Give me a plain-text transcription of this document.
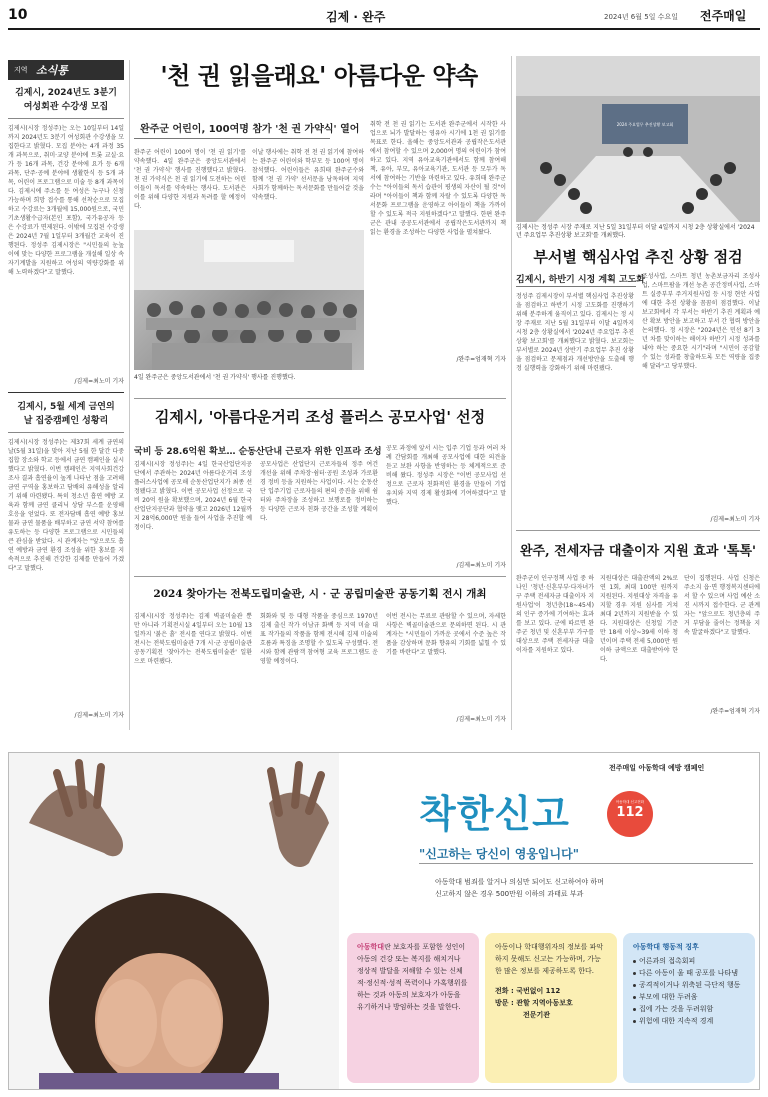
10	김제 · 완주	2024년 6월 5일 수요일 전주매일
지역 소식통
김제시, 2024년도 3분기
여성회관 수강생 모집
김제시(시장 정성주)는 오는 10일부터 14일까지 2024년도 3분기 여성회관 수강생을 모집한다고 밝혔다. 모집 분야는 4개 과정 35개 과목으로, 취미·교양 분야에 트롯 교실·요가 등 16개 과목, 건강 분야에 요가 등 6개 과목, 단주·공예 분야에 생활한식 등 5개 과목, 어린이 프로그램으로 미술 등 8개 과목이다. 김제시에 주소를 둔 여성은 누구나 신청 가능하며 희망 접수를 통해 선착순으로 모집하고 수강료는 3개월에 15,000원으로, 국민기초생활수급자(본인 포함), 국가유공자 등은 수강료가 면제된다. 이밖에 모집된 수강생은 2024년 7월 1일부터 3개월간 교육이 진행된다. 정성주 김제시장은 "시민들의 눈높이에 맞는 다양한 프로그램을 개설해 일상 속 자기계발을 지원하고 여성의 역량강화를 위해 노력하겠다"고 말했다.
/김제=최노미 기자
김제시, 5월 세계 금연의
날 집중캠페인 성황리
김제시(시장 정성주)는 제37회 세계 금연의 날(5월 31일)을 맞아 지난 5월 한 달간 다중집합 장소와 학교 등에서 금연 캠페인을 실시했다고 밝혔다. 이번 캠페인은 지역사회건강조사 결과 흡연율이 높게 나타난 점을 고려해 금연 구역을 홍보하고 담배의 유해성을 알리기 위해 마련됐다. 특히 청소년 흡연 예방 교육과 함께 금연 클리닉 상담 부스를 운영해 호응을 얻었다. 또 전자담배 흡연 예방 홍보물과 금연 물품을 배부하고 금연 서약 참여를 유도하는 등 다양한 프로그램으로 시민들의 큰 관심을 받았다. 시 관계자는 "앞으로도 흡연 예방과 금연 환경 조성을 위한 홍보를 지속적으로 추진해 건강한 김제를 만들어 가겠다"고 말했다.
/김제=최노미 기자
'천 권 읽을래요' 아름다운 약속
완주군 어린이, 100여명 참가 '천 권 가약식' 열어
완주군 어린이 100여 명이 '천 권 읽기'를 약속했다. 4일 완주군은 중앙도서관에서 '천 권 가약식' 행사를 진행했다고 밝혔다. 천 권 가약식은 천 권 읽기에 도전하는 어린이들이 독서를 약속하는 행사다. 도서관은 이를 위해 다양한 지원과 독려를 할 예정이다.
이날 행사에는 취학 전 천 권 읽기에 참여하는 완주군 어린이와 학부모 등 100여 명이 참석했다. 어린이들은 유희태 완주군수와 함께 '천 권 가약' 선서문을 낭독하며 지역사회가 함께하는 독서문화를 만들어갈 것을 약속했다.
취학 전 천 권 읽기는 도서관 완주군에서 시작한 사업으로 뇌가 발달하는 영유아 시기에 1천 권 읽기를 목표로 한다. 올해는 중앙도서관과 공립작은도서관에서 참여할 수 있으며 2,000여 명의 어린이가 참여하고 있다. 지역 유아교육기관에서도 함께 참여해 책, 유아, 부모, 유아교육기관, 도서관 등 모두가 독서에 참여하는 기반을 마련하고 있다. 유희태 완주군수는 "아이들의 독서 습관이 평생의 자산이 될 것"이라며 "아이들이 책과 함께 자랄 수 있도록 다양한 독서문화 프로그램을 운영하고 아이들이 책을 가까이할 수 있도록 적극 지원하겠다"고 말했다. 한편 완주군은 관내 공공도서관에서 공립작은도서관까지 책 읽는 환경을 조성하는 다양한 사업을 펼쳐왔다.
/완주=엄재혁 기자
4일 완주군은 중앙도서관에서 '천 권 가약식' 행사를 진행했다.
김제시, '아름다운거리 조성 플러스 공모사업' 선정
국비 등 28.6억원 확보… 순동산단내 근로자 위한 인프라 조성
김제시(시장 정성주)는 4일 한국산업단지공단에서 주관하는 2024년 아름다운거리 조성 플러스사업에 공모해 순동산업단지가 최종 선정됐다고 밝혔다. 이번 공모사업 선정으로 국비 20억 원을 확보했으며, 2024년 6월 한국산업단지공단과 협약을 맺고 2026년 12월까지 28억6,000만 원을 들여 사업을 추진할 예정이다.
공모사업은 산업단지 근로자들의 정주 여건 개선을 위해 주차장·쉼터·공원 조성과 가로환경 정비 등을 지원하는 사업이다. 시는 순동산단 입주기업 근로자들의 편의 증진을 위해 쉼터와 주차장을 조성하고 보행로를 정비하는 등 다양한 근로자 친화 공간을 조성할 계획이다.
공모 과정에 앞서 시는 입주 기업 등과 여러 차례 간담회를 개최해 공모사업에 대한 의견을 듣고 보완 사항을 반영하는 등 체계적으로 준비해 왔다. 정성주 시장은 "이번 공모사업 선정으로 근로자 친화적인 환경을 만들어 기업 유치와 지역 경제 활성화에 기여하겠다"고 말했다.
/김제=최노미 기자
2024 찾아가는 전북도립미술관, 시 · 군 공립미술관 공동기획 전시 개최
김제시(시장 정성주)는 김제 벽골미술관 뿐 만 아니라 기획전시실 4일부터 오는 10월 13일까지 '붉은 흙' 전시를 연다고 밝혔다. 이번 전시는 전북도립미술관 7개 시·군 공립미술관 공동기획전 '찾아가는 전북도립미술관' 일환으로 마련됐다.
회화와 및 등 대형 작품을 중심으로 1970년 김제 출신 작가 이남규 화백 등 지역 미술 대표 작가들의 작품을 함께 전시해 김제 미술의 흐름과 특징을 조명할 수 있도록 구성했다. 전시와 함께 관람객 참여형 교육 프로그램도 운영할 예정이다.
이번 전시는 무료로 관람할 수 있으며, 자세한 사항은 벽골미술관으로 문의하면 된다. 시 관계자는 "시민들이 가까운 곳에서 수준 높은 작품을 감상하며 문화 향유의 기회를 넓힐 수 있기를 바란다"고 말했다.
/김제=최노미 기자
2024 주요업무 추진상황 보고회
김제시는 정성주 시장 주재로 지난 5일 31일부터 이달 4일까지 시청 2층 상황실에서 '2024년 주요업무 추진상황 보고회'를 개최했다.
부서별 핵심사업 추진 상황 점검
김제시, 하반기 시정 계획 고도화
정성주 김제시장이 부서별 핵심사업 추진상황을 점검하고 하반기 시정 고도화를 진행하기 위해 분주하게 움직이고 있다. 김제시는 정 시장 주재로 지난 5월 31일부터 이달 4일까지 시청 2층 상황실에서 '2024년 주요업무 추진상황 보고회'를 개최했다고 밝혔다. 보고회는 부서별로 2024년 상반기 주요업무 추진 상황을 점검하고 문제점과 개선방안을 도출해 행정 실행력을 강화하기 위해 마련됐다.
조성사업, 스마트 청년 농촌보금자리 조성사업, 스마트팜을 개선 농촌 공간정비사업, 스마트 실증부부 주거지원사업 등 시정 현안 사업에 대한 추진 상황을 꼼꼼히 점검했다. 이날 보고회에서 각 부서는 하반기 추진 계획과 예산 확보 방안을 보고하고 부서 간 협력 방안을 논의했다. 정 시장은 "2024년은 민선 8기 3년 차를 맞이하는 해이자 하반기 시정 성과를 내야 하는 중요한 시기"라며 "시민이 공감할 수 있는 성과를 창출하도록 모든 역량을 집중해 달라"고 당부했다.
/김제=최노미 기자
완주, 전세자금 대출이자 지원 효과 '톡톡'
완주군이 인구정책 사업 중 하나인 '청년·신혼부부·다자녀가구 주택 전세자금 대출이자 지원사업'이 청년층(18~45세)의 인구 증가에 기여하는 효과를 보고 있다. 군에 따르면 완주군 청년 및 신혼부부 가구를 대상으로 주택 전세자금 대출이자를 지원하고 있다.
지원대상은 대출잔액의 2%로 연 1회, 최대 100만 원까지 지원된다. 지원대상 자격을 유지할 경우 지원 심사를 거쳐 최대 2년까지 지원받을 수 있다. 지원대상은 신청일 기준 만 18세 이상~39세 이하 청년이며 주택 전세 5,000만 원 이하 금액으로 대출받아야 한다.
단이 집행된다. 사업 신청은 주소지 읍·면 행정복지센터에서 할 수 있으며 사업 예산 소진 시까지 접수한다. 군 관계자는 "앞으로도 청년층의 주거 부담을 줄이는 정책을 지속 발굴하겠다"고 말했다.
/완주=엄재혁 기자
전주매일 아동학대 예방 캠페인
착한신고	아동학대 신고전화
112
"신고하는 당신이 영웅입니다"
아동학대 범죄를 알거나 의심만 되어도 신고하여야 하며
신고하지 않은 경우 500만원 이하의 과태료 부과
아동학대란 보호자를 포함한 성인이 아동의 건강 또는 복지를 해치거나 정상적 발달을 저해할 수 있는 신체적·정신적·성적 폭력이나 가혹행위를 하는 것과 아동의 보호자가 아동을 유기하거나 방임하는 것을 말한다.
아동이나 학대행위자의 정보를 파악하지 못해도 신고는 가능하며, 가능한 많은 정보를 제공하도록 한다.
전화 : 국번없이 112
방문 : 관할 지역아동보호
전문기관
아동학대 행동적 징후
어른과의 접촉회피
다른 아동이 울 때 공포를 나타냄
공격적이거나 위축된 극단적 행동
부모에 대한 두려움
집에 가는 것을 두려워함
위험에 대한 지속적 경계
